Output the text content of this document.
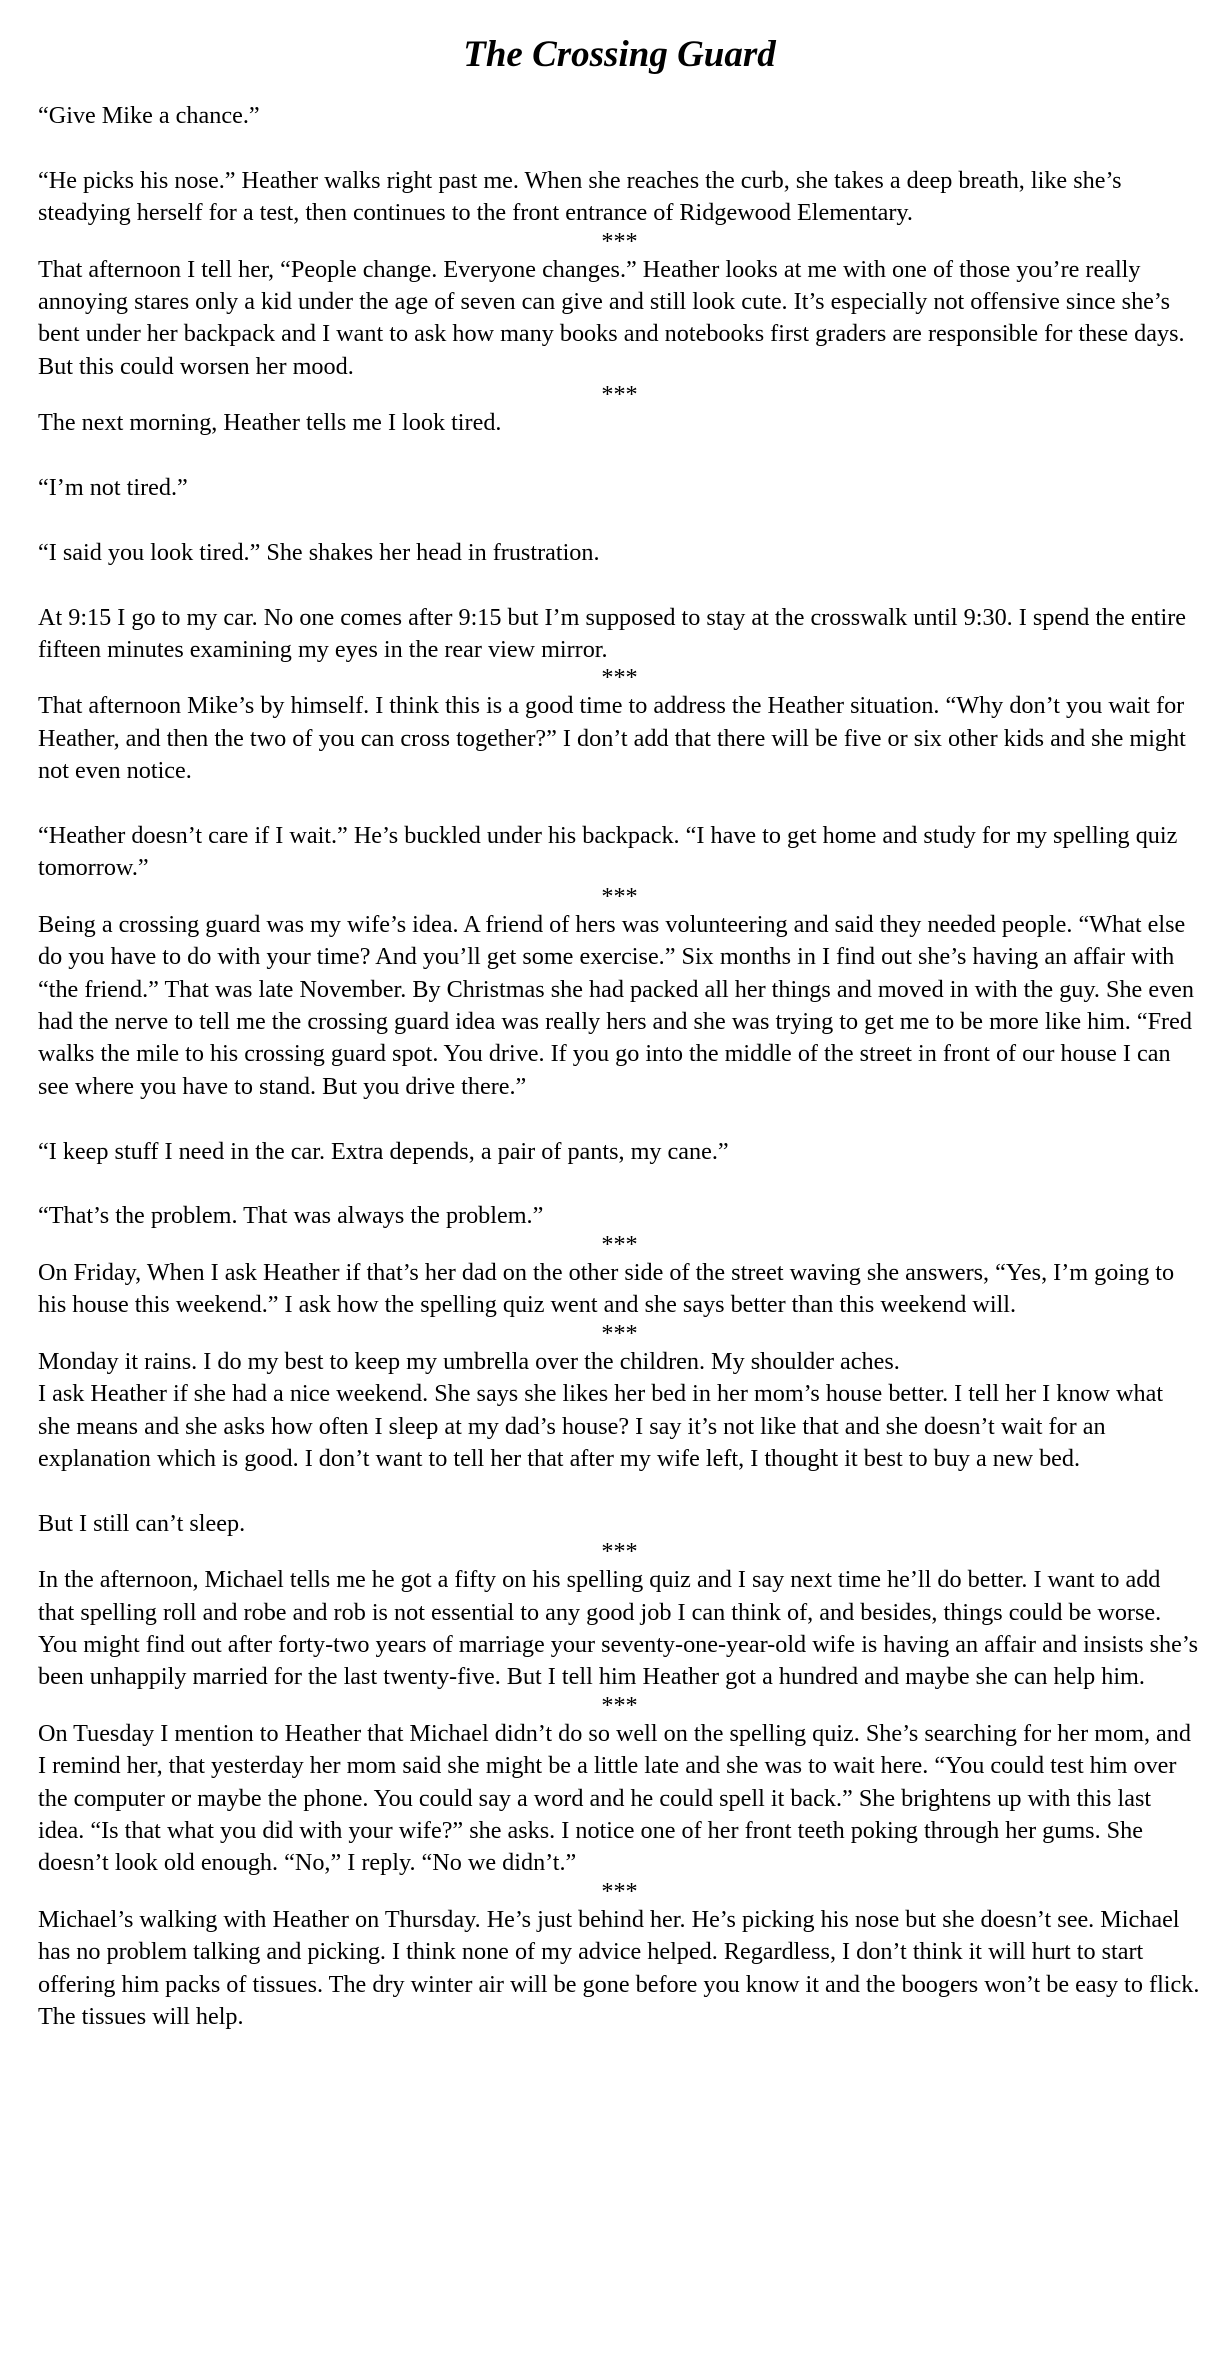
The Crossing Guard

“Give Mike a chance.”

“He picks his nose.” Heather walks right past me. When she reaches the curb, she takes a deep breath, like she’s steadying herself for a test, then continues to the front entrance of Ridgewood Elementary.

***

That afternoon I tell her, “People change. Everyone changes.” Heather looks at me with one of those you’re really annoying stares only a kid under the age of seven can give and still look cute. It’s especially not offensive since she’s bent under her backpack and I want to ask how many books and notebooks first graders are responsible for these days. But this could worsen her mood.

***

The next morning, Heather tells me I look tired.

“I’m not tired.”

“I said you look tired.” She shakes her head in frustration.

At 9:15 I go to my car. No one comes after 9:15 but I’m supposed to stay at the crosswalk until 9:30. I spend the entire fifteen minutes examining my eyes in the rear view mirror.

***

That afternoon Mike’s by himself. I think this is a good time to address the Heather situation. “Why don’t you wait for Heather, and then the two of you can cross together?” I don’t add that there will be five or six other kids and she might not even notice.

“Heather doesn’t care if I wait.” He’s buckled under his backpack. “I have to get home and study for my spelling quiz tomorrow.”

***

Being a crossing guard was my wife’s idea. A friend of hers was volunteering and said they needed people. “What else do you have to do with your time? And you’ll get some exercise.” Six months in I find out she’s having an affair with “the friend.” That was late November. By Christmas she had packed all her things and moved in with the guy. She even had the nerve to tell me the crossing guard idea was really hers and she was trying to get me to be more like him. “Fred walks the mile to his crossing guard spot. You drive. If you go into the middle of the street in front of our house I can see where you have to stand. But you drive there.”

“I keep stuff I need in the car. Extra depends, a pair of pants, my cane.”

“That’s the problem. That was always the problem.”

***

On Friday, When I ask Heather if that’s her dad on the other side of the street waving she answers, “Yes, I’m going to his house this weekend.” I ask how the spelling quiz went and she says better than this weekend will.

***

Monday it rains. I do my best to keep my umbrella over the children. My shoulder aches.

I ask Heather if she had a nice weekend. She says she likes her bed in her mom’s house better. I tell her I know what she means and she asks how often I sleep at my dad’s house? I say it’s not like that and she doesn’t wait for an explanation which is good. I don’t want to tell her that after my wife left, I thought it best to buy a new bed.

But I still can’t sleep.

***

In the afternoon, Michael tells me he got a fifty on his spelling quiz and I say next time he’ll do better. I want to add that spelling roll and robe and rob is not essential to any good job I can think of, and besides, things could be worse. You might find out after forty-two years of marriage your seventy-one-year-old wife is having an affair and insists she’s been unhappily married for the last twenty-five. But I tell him Heather got a hundred and maybe she can help him.

***

On Tuesday I mention to Heather that Michael didn’t do so well on the spelling quiz. She’s searching for her mom, and I remind her, that yesterday her mom said she might be a little late and she was to wait here. “You could test him over the computer or maybe the phone. You could say a word and he could spell it back.” She brightens up with this last idea. “Is that what you did with your wife?” she asks. I notice one of her front teeth poking through her gums. She doesn’t look old enough. “No,” I reply. “No we didn’t.”

***

Michael’s walking with Heather on Thursday. He’s just behind her. He’s picking his nose but she doesn’t see. Michael has no problem talking and picking. I think none of my advice helped. Regardless, I don’t think it will hurt to start offering him packs of tissues. The dry winter air will be gone before you know it and the boogers won’t be easy to flick. The tissues will help.
